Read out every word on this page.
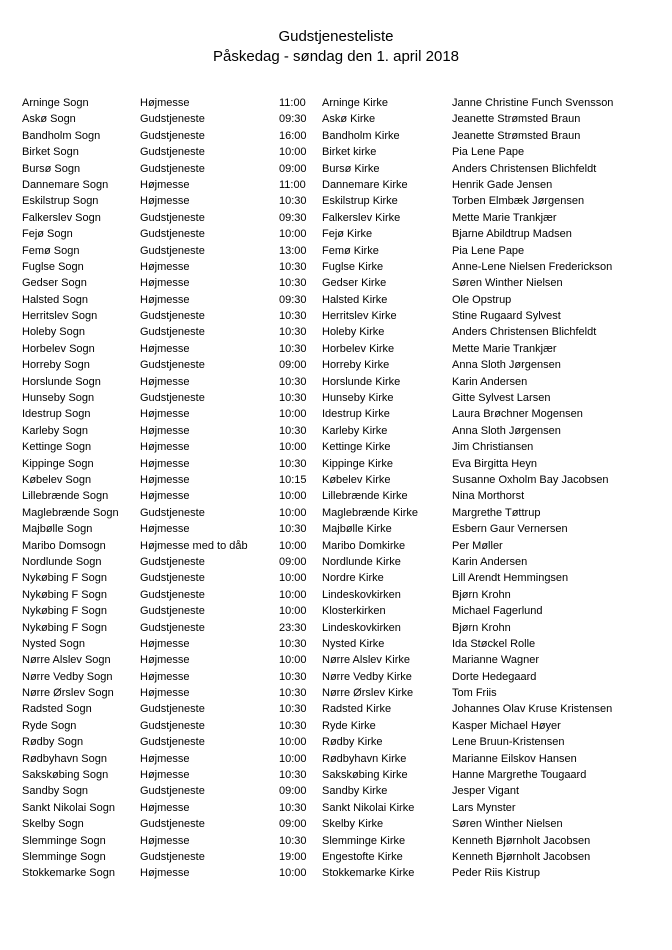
Gudstjenesteliste
Påskedag - søndag den 1. april 2018
Arninge Sogn	Højmesse	11:00 Arninge Kirke	Janne Christine Funch Svensson
Askø Sogn	Gudstjeneste	09:30 Askø Kirke	Jeanette Strømsted Braun
Bandholm Sogn	Gudstjeneste	16:00 Bandholm Kirke	Jeanette Strømsted Braun
Birket Sogn	Gudstjeneste	10:00 Birket kirke	Pia Lene Pape
Bursø Sogn	Gudstjeneste	09:00 Bursø Kirke	Anders Christensen Blichfeldt
Dannemare Sogn	Højmesse	11:00 Dannemare Kirke	Henrik Gade Jensen
Eskilstrup Sogn	Højmesse	10:30 Eskilstrup Kirke	Torben Elmbæk Jørgensen
Falkerslev Sogn	Gudstjeneste	09:30 Falkerslev Kirke	Mette Marie Trankjær
Fejø Sogn	Gudstjeneste	10:00 Fejø Kirke	Bjarne Abildtrup Madsen
Femø Sogn	Gudstjeneste	13:00 Femø Kirke	Pia Lene Pape
Fuglse Sogn	Højmesse	10:30 Fuglse Kirke	Anne-Lene Nielsen Frederickson
Gedser Sogn	Højmesse	10:30 Gedser Kirke	Søren Winther Nielsen
Halsted Sogn	Højmesse	09:30 Halsted Kirke	Ole Opstrup
Herritslev Sogn	Gudstjeneste	10:30 Herritslev Kirke	Stine Rugaard Sylvest
Holeby Sogn	Gudstjeneste	10:30 Holeby Kirke	Anders Christensen Blichfeldt
Horbelev Sogn	Højmesse	10:30 Horbelev Kirke	Mette Marie Trankjær
Horreby Sogn	Gudstjeneste	09:00 Horreby Kirke	Anna Sloth Jørgensen
Horslunde Sogn	Højmesse	10:30 Horslunde Kirke	Karin Andersen
Hunseby Sogn	Gudstjeneste	10:30 Hunseby Kirke	Gitte Sylvest Larsen
Idestrup Sogn	Højmesse	10:00 Idestrup Kirke	Laura Brøchner Mogensen
Karleby Sogn	Højmesse	10:30 Karleby Kirke	Anna Sloth Jørgensen
Kettinge Sogn	Højmesse	10:00 Kettinge Kirke	Jim Christiansen
Kippinge Sogn	Højmesse	10:30 Kippinge Kirke	Eva Birgitta Heyn
Købelev Sogn	Højmesse	10:15 Købelev Kirke	Susanne Oxholm Bay Jacobsen
Lillebrænde Sogn	Højmesse	10:00 Lillebrænde Kirke	Nina Morthorst
Maglebrænde Sogn Gudstjeneste	10:00 Maglebrænde Kirke	Margrethe Tøttrup
Majbølle Sogn	Højmesse	10:30 Majbølle Kirke	Esbern Gaur Vernersen
Maribo Domsogn	Højmesse med to dåb	10:00 Maribo Domkirke	Per Møller
Nordlunde Sogn	Gudstjeneste	09:00 Nordlunde Kirke	Karin Andersen
Nykøbing F Sogn	Gudstjeneste	10:00 Nordre Kirke	Lill Arendt Hemmingsen
Nykøbing F Sogn	Gudstjeneste	10:00 Lindeskovkirken	Bjørn Krohn
Nykøbing F Sogn	Gudstjeneste	10:00 Klosterkirken	Michael Fagerlund
Nykøbing F Sogn	Gudstjeneste	23:30 Lindeskovkirken	Bjørn Krohn
Nysted Sogn	Højmesse	10:30 Nysted Kirke	Ida Støckel Rolle
Nørre Alslev Sogn	Højmesse	10:00 Nørre Alslev Kirke	Marianne Wagner
Nørre Vedby Sogn	Højmesse	10:30 Nørre Vedby Kirke	Dorte Hedegaard
Nørre Ørslev Sogn Højmesse	10:30 Nørre Ørslev Kirke	Tom Friis
Radsted Sogn	Gudstjeneste	10:30 Radsted Kirke	Johannes Olav Kruse Kristensen
Ryde Sogn	Gudstjeneste	10:30 Ryde Kirke	Kasper Michael Høyer
Rødby Sogn	Gudstjeneste	10:00 Rødby Kirke	Lene Bruun-Kristensen
Rødbyhavn Sogn	Højmesse	10:00 Rødbyhavn Kirke	Marianne Eilskov Hansen
Sakskøbing Sogn	Højmesse	10:30 Sakskøbing Kirke	Hanne Margrethe Tougaard
Sandby Sogn	Gudstjeneste	09:00 Sandby Kirke	Jesper Vigant
Sankt Nikolai Sogn Højmesse	10:30 Sankt Nikolai Kirke	Lars Mynster
Skelby Sogn	Gudstjeneste	09:00 Skelby Kirke	Søren Winther Nielsen
Slemminge Sogn	Højmesse	10:30 Slemminge Kirke	Kenneth Bjørnholt Jacobsen
Slemminge Sogn	Gudstjeneste	19:00 Engestofte Kirke	Kenneth Bjørnholt Jacobsen
Stokkemarke Sogn Højmesse	10:00 Stokkemarke Kirke	Peder Riis Kistrup
